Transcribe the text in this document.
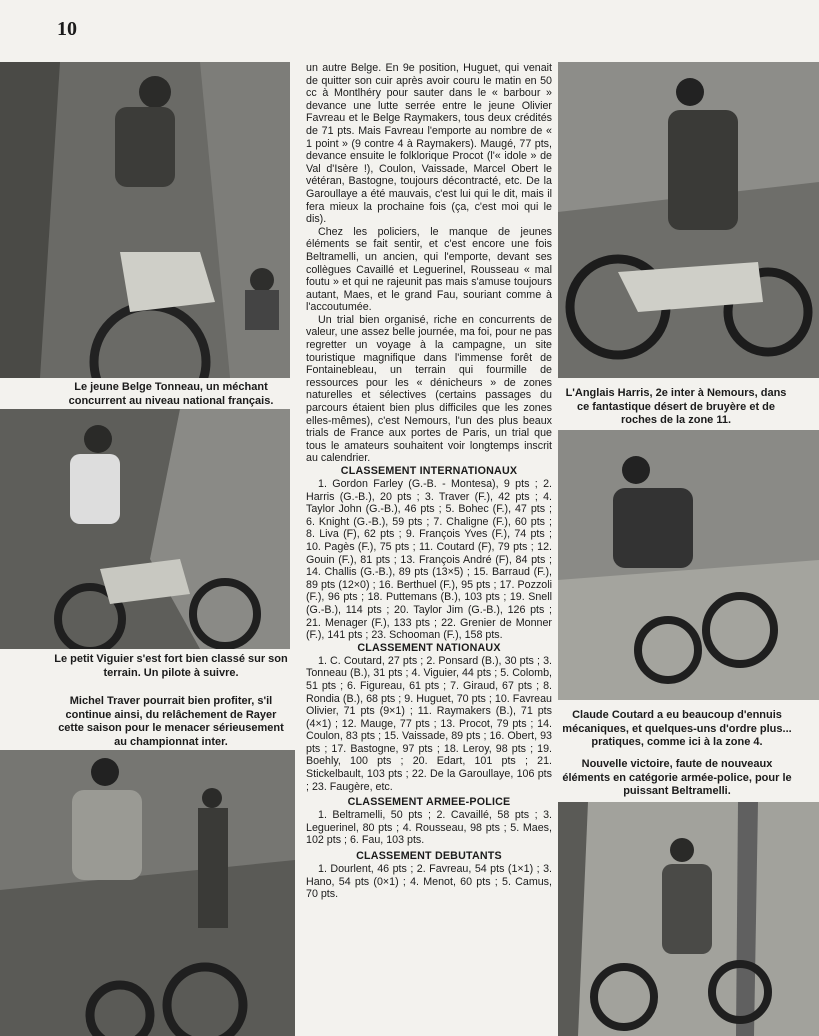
10
Le jeune Belge Tonneau, un méchant concurrent au niveau national français.
Le petit Viguier s'est fort bien classé sur son terrain. Un pilote à suivre.
Michel Traver pourrait bien profiter, s'il continue ainsi, du relâchement de Rayer cette saison pour le menacer sérieusement au championnat inter.

un autre Belge. En 9e position, Huguet, qui venait de quitter son cuir après avoir couru le matin en 50 cc à Montlhéry pour sauter dans le « barbour » devance une lutte serrée entre le jeune Olivier Favreau et le Belge Raymakers, tous deux crédités de 71 pts. Mais Favreau l'emporte au nombre de « 1 point » (9 contre 4 à Raymakers). Maugé, 77 pts, devance ensuite le folklorique Procot (l'« idole » de Val d'Isère !), Coulon, Vaissade, Marcel Obert le vétéran, Bastogne, toujours décontracté, etc. De la Garoullaye a été mauvais, c'est lui qui le dit, mais il fera mieux la prochaine fois (ça, c'est moi qui le dis).

Chez les policiers, le manque de jeunes éléments se fait sentir, et c'est encore une fois Beltramelli, un ancien, qui l'emporte, devant ses collègues Cavaillé et Leguerinel, Rousseau « mal foutu » et qui ne rajeunit pas mais s'amuse toujours autant, Maes, et le grand Fau, souriant comme à l'accoutumée.

Un trial bien organisé, riche en concurrents de valeur, une assez belle journée, ma foi, pour ne pas regretter un voyage à la campagne, un site touristique magnifique dans l'immense forêt de Fontainebleau, un terrain qui fourmille de ressources pour les « dénicheurs » de zones naturelles et sélectives (certains passages du parcours étaient bien plus difficiles que les zones elles-mêmes), c'est Nemours, l'un des plus beaux trials de France aux portes de Paris, un trial que tous le amateurs souhaitent voir longtemps inscrit au calendrier.

CLASSEMENT INTERNATIONAUX

1. Gordon Farley (G.-B. - Montesa), 9 pts ; 2. Harris (G.-B.), 20 pts ; 3. Traver (F.), 42 pts ; 4. Taylor John (G.-B.), 46 pts ; 5. Bohec (F.), 47 pts ; 6. Knight (G.-B.), 59 pts ; 7. Chaligne (F.), 60 pts ; 8. Liva (F), 62 pts ; 9. François Yves (F.), 74 pts ; 10. Pagès (F.), 75 pts ; 11. Coutard (F), 79 pts ; 12. Gouin (F.), 81 pts ; 13. François André (F), 84 pts ; 14. Challis (G.-B.), 89 pts (13×5) ; 15. Barraud (F.), 89 pts (12×0) ; 16. Berthuel (F.), 95 pts ; 17. Pozzoli (F.), 96 pts ; 18. Puttemans (B.), 103 pts ; 19. Snell (G.-B.), 114 pts ; 20. Taylor Jim (G.-B.), 126 pts ; 21. Menager (F.), 133 pts ; 22. Grenier de Monner (F.), 141 pts ; 23. Schooman (F.), 158 pts.

CLASSEMENT NATIONAUX

1. C. Coutard, 27 pts ; 2. Ponsard (B.), 30 pts ; 3. Tonneau (B.), 31 pts ; 4. Viguier, 44 pts ; 5. Colomb, 51 pts ; 6. Figureau, 61 pts ; 7. Giraud, 67 pts ; 8. Rondia (B.), 68 pts ; 9. Huguet, 70 pts ; 10. Favreau Olivier, 71 pts (9×1) ; 11. Raymakers (B.), 71 pts (4×1) ; 12. Mauge, 77 pts ; 13. Procot, 79 pts ; 14. Coulon, 83 pts ; 15. Vaissade, 89 pts ; 16. Obert, 93 pts ; 17. Bastogne, 97 pts ; 18. Leroy, 98 pts ; 19. Boehly, 100 pts ; 20. Edart, 101 pts ; 21. Stickelbault, 103 pts ; 22. De la Garoullaye, 106 pts ; 23. Faugère, etc.

CLASSEMENT ARMEE-POLICE

1. Beltramelli, 50 pts ; 2. Cavaillé, 58 pts ; 3. Leguerinel, 80 pts ; 4. Rousseau, 98 pts ; 5. Maes, 102 pts ; 6. Fau, 103 pts.

CLASSEMENT DEBUTANTS

1. Dourlent, 46 pts ; 2. Favreau, 54 pts (1×1) ; 3. Hano, 54 pts (0×1) ; 4. Menot, 60 pts ; 5. Camus, 70 pts.

L'Anglais Harris, 2e inter à Nemours, dans ce fantastique désert de bruyère et de roches de la zone 11.
Claude Coutard a eu beaucoup d'ennuis mécaniques, et quelques-uns d'ordre plus... pratiques, comme ici à la zone 4.
Nouvelle victoire, faute de nouveaux éléments en catégorie armée-police, pour le puissant Beltramelli.
